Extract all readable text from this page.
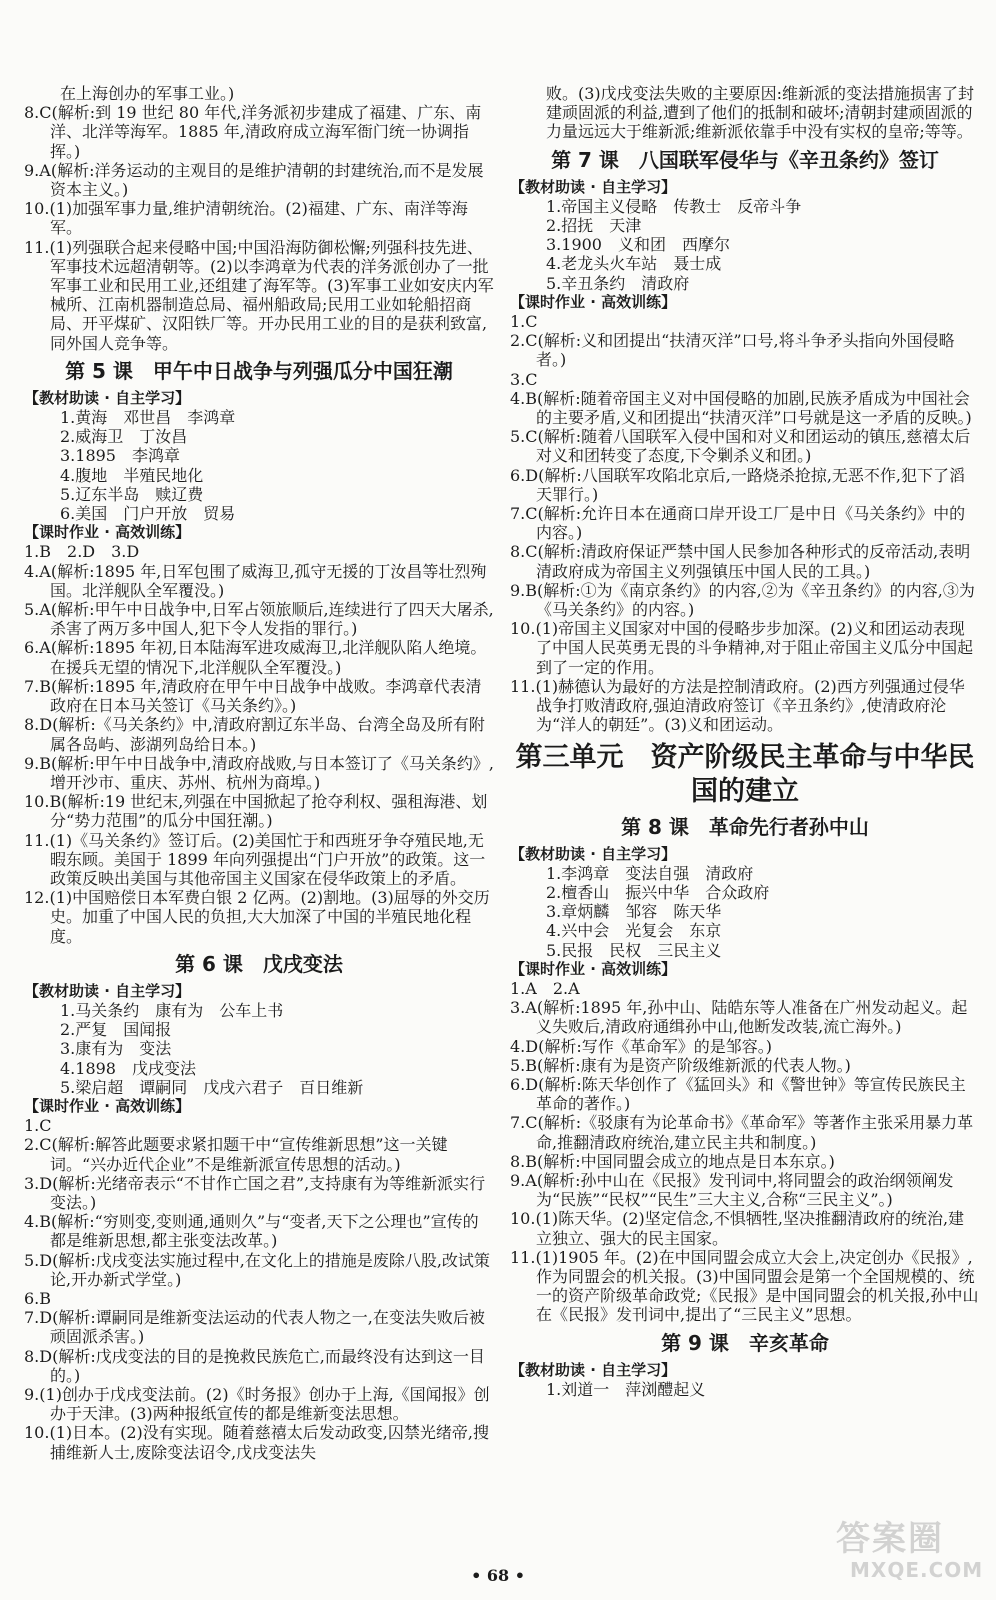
在上海创办的军事工业。)

8.C(解析:到 19 世纪 80 年代,洋务派初步建成了福建、广东、南洋、北洋等海军。1885 年,清政府成立海军衙门统一协调指挥。)

9.A(解析:洋务运动的主观目的是维护清朝的封建统治,而不是发展资本主义。)

10.(1)加强军事力量,维护清朝统治。(2)福建、广东、南洋等海军。

11.(1)列强联合起来侵略中国;中国沿海防御松懈;列强科技先进、军事技术远超清朝等。(2)以李鸿章为代表的洋务派创办了一批军事工业和民用工业,还组建了海军等。(3)军事工业如安庆内军械所、江南机器制造总局、福州船政局;民用工业如轮船招商局、开平煤矿、汉阳铁厂等。开办民用工业的目的是获利致富,同外国人竞争等。

第 5 课　甲午中日战争与列强瓜分中国狂潮

【教材助读 · 自主学习】

1.黄海　邓世昌　李鸿章

2.威海卫　丁汝昌

3.1895　李鸿章

4.腹地　半殖民地化

5.辽东半岛　赎辽费

6.美国　门户开放　贸易

【课时作业 · 高效训练】

1.B　2.D　3.D

4.A(解析:1895 年,日军包围了威海卫,孤守无援的丁汝昌等壮烈殉国。北洋舰队全军覆没。)

5.A(解析:甲午中日战争中,日军占领旅顺后,连续进行了四天大屠杀,杀害了两万多中国人,犯下令人发指的罪行。)

6.A(解析:1895 年初,日本陆海军进攻威海卫,北洋舰队陷人绝境。在援兵无望的情况下,北洋舰队全军覆没。)

7.B(解析:1895 年,清政府在甲午中日战争中战败。李鸿章代表清政府在日本马关签订《马关条约》。)

8.D(解析:《马关条约》中,清政府割辽东半岛、台湾全岛及所有附属各岛屿、澎湖列岛给日本。)

9.B(解析:甲午中日战争中,清政府战败,与日本签订了《马关条约》,增开沙市、重庆、苏州、杭州为商埠。)

10.B(解析:19 世纪末,列强在中国掀起了抢夺利权、强租海港、划分“势力范围”的瓜分中国狂潮。)

11.(1)《马关条约》签订后。(2)美国忙于和西班牙争夺殖民地,无暇东顾。美国于 1899 年向列强提出“门户开放”的政策。这一政策反映出美国与其他帝国主义国家在侵华政策上的矛盾。

12.(1)中国赔偿日本军费白银 2 亿两。(2)割地。(3)屈辱的外交历史。加重了中国人民的负担,大大加深了中国的半殖民地化程度。

第 6 课　戊戌变法

【教材助读 · 自主学习】

1.马关条约　康有为　公车上书

2.严复　国闻报

3.康有为　变法

4.1898　戊戌变法

5.梁启超　谭嗣同　戊戌六君子　百日维新

【课时作业 · 高效训练】

1.C

2.C(解析:解答此题要求紧扣题干中“宣传维新思想”这一关键词。“兴办近代企业”不是维新派宣传思想的活动。)

3.D(解析:光绪帝表示“不甘作亡国之君”,支持康有为等维新派实行变法。)

4.B(解析:“穷则变,变则通,通则久”与“变者,天下之公理也”宣传的都是维新思想,都主张变法改革。)

5.D(解析:戊戌变法实施过程中,在文化上的措施是废除八股,改试策论,开办新式学堂。)

6.B

7.D(解析:谭嗣同是维新变法运动的代表人物之一,在变法失败后被顽固派杀害。)

8.D(解析:戊戌变法的目的是挽救民族危亡,而最终没有达到这一目的。)

9.(1)创办于戊戌变法前。(2)《时务报》创办于上海,《国闻报》创办于天津。(3)两种报纸宣传的都是维新变法思想。

10.(1)日本。(2)没有实现。随着慈禧太后发动政变,囚禁光绪帝,搜捕维新人士,废除变法诏令,戊戌变法失

败。(3)戊戌变法失败的主要原因:维新派的变法措施损害了封建顽固派的利益,遭到了他们的抵制和破坏;清朝封建顽固派的力量远远大于维新派;维新派依靠手中没有实权的皇帝;等等。

第 7 课　八国联军侵华与《辛丑条约》签订

【教材助读 · 自主学习】

1.帝国主义侵略　传教士　反帝斗争

2.招抚　天津

3.1900　义和团　西摩尔

4.老龙头火车站　聂士成

5.辛丑条约　清政府

【课时作业 · 高效训练】

1.C

2.C(解析:义和团提出“扶清灭洋”口号,将斗争矛头指向外国侵略者。)

3.C

4.B(解析:随着帝国主义对中国侵略的加剧,民族矛盾成为中国社会的主要矛盾,义和团提出“扶清灭洋”口号就是这一矛盾的反映。)

5.C(解析:随着八国联军入侵中国和对义和团运动的镇压,慈禧太后对义和团转变了态度,下令剿杀义和团。)

6.D(解析:八国联军攻陷北京后,一路烧杀抢掠,无恶不作,犯下了滔天罪行。)

7.C(解析:允许日本在通商口岸开设工厂是中日《马关条约》中的内容。)

8.C(解析:清政府保证严禁中国人民参加各种形式的反帝活动,表明清政府成为帝国主义列强镇压中国人民的工具。)

9.B(解析:①为《南京条约》的内容,②为《辛丑条约》的内容,③为《马关条约》的内容。)

10.(1)帝国主义国家对中国的侵略步步加深。(2)义和团运动表现了中国人民英勇无畏的斗争精神,对于阻止帝国主义瓜分中国起到了一定的作用。

11.(1)赫德认为最好的方法是控制清政府。(2)西方列强通过侵华战争打败清政府,强迫清政府签订《辛丑条约》,使清政府沦为“洋人的朝廷”。(3)义和团运动。

第三单元　资产阶级民主革命与中华民国的建立
第 8 课　革命先行者孙中山

【教材助读 · 自主学习】

1.李鸿章　变法自强　清政府

2.檀香山　振兴中华　合众政府

3.章炳麟　邹容　陈天华

4.兴中会　光复会　东京

5.民报　民权　三民主义

【课时作业 · 高效训练】

1.A　2.A

3.A(解析:1895 年,孙中山、陆皓东等人准备在广州发动起义。起义失败后,清政府通缉孙中山,他断发改装,流亡海外。)

4.D(解析:写作《革命军》的是邹容。)

5.B(解析:康有为是资产阶级维新派的代表人物。)

6.D(解析:陈天华创作了《猛回头》和《警世钟》等宣传民族民主革命的著作。)

7.C(解析:《驳康有为论革命书》《革命军》等著作主张采用暴力革命,推翻清政府统治,建立民主共和制度。)

8.B(解析:中国同盟会成立的地点是日本东京。)

9.A(解析:孙中山在《民报》发刊词中,将同盟会的政治纲领阐发为“民族”“民权”“民生”三大主义,合称“三民主义”。)

10.(1)陈天华。(2)坚定信念,不惧牺牲,坚决推翻清政府的统治,建立独立、强大的民主国家。

11.(1)1905 年。(2)在中国同盟会成立大会上,决定创办《民报》,作为同盟会的机关报。(3)中国同盟会是第一个全国规模的、统一的资产阶级革命政党;《民报》是中国同盟会的机关报,孙中山在《民报》发刊词中,提出了“三民主义”思想。

第 9 课　辛亥革命

【教材助读 · 自主学习】

1.刘道一　萍浏醴起义

• 68 •
答案圈
MXQE.COM
